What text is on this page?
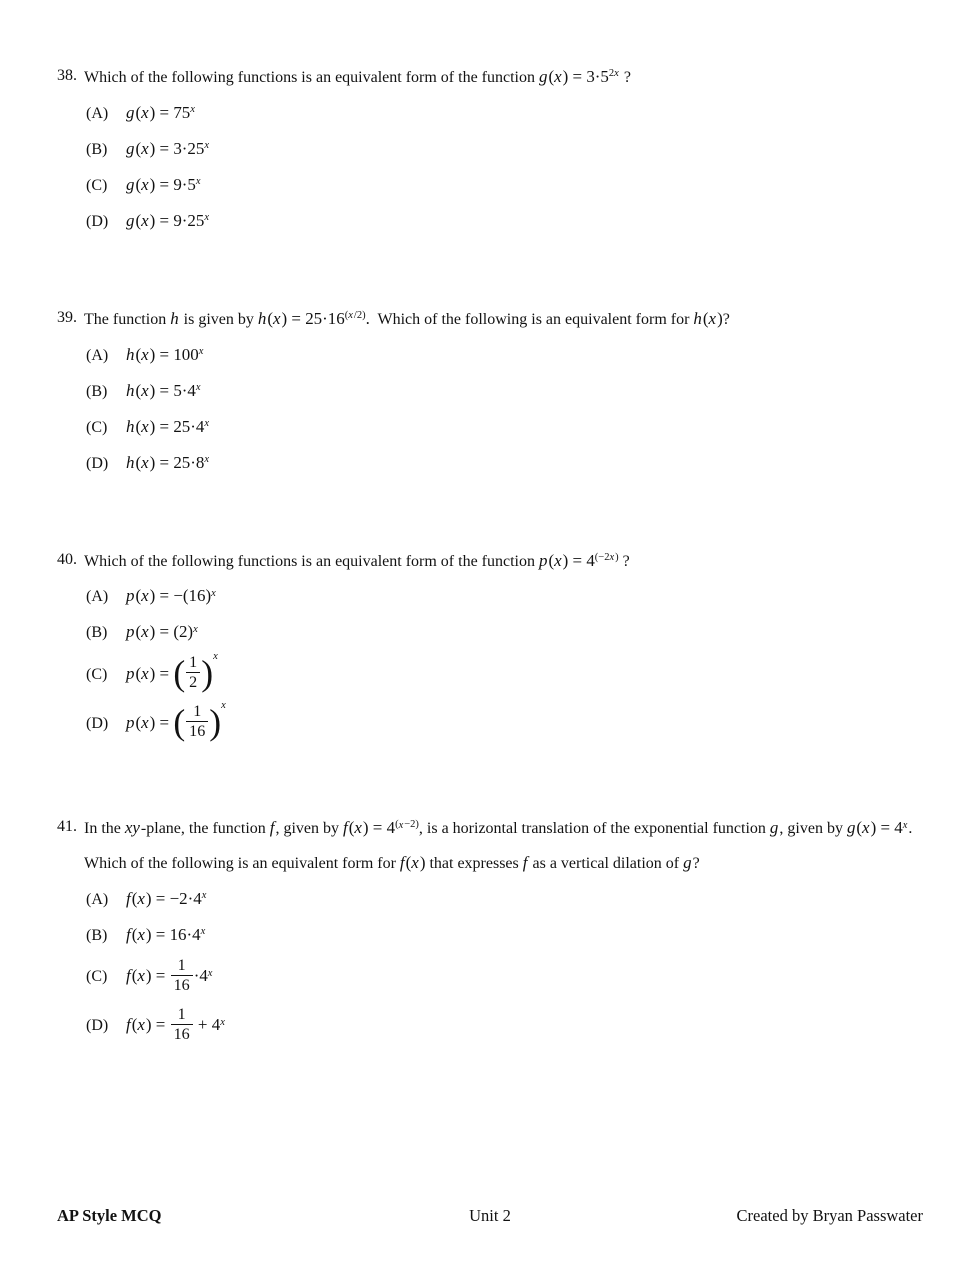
38. Which of the following functions is an equivalent form of the function $g(x) = 3\cdot 5^{2x}$ ?
(A) $g(x) = 75^x$
(B) $g(x) = 3\cdot 25^x$
(C) $g(x) = 9\cdot 5^x$
(D) $g(x) = 9\cdot 25^x$
39. The function h is given by $h(x) = 25\cdot 16^{(x/2)}$.  Which of the following is an equivalent form for h(x)?
(A) $h(x) = 100^x$
(B) $h(x) = 5\cdot 4^x$
(C) $h(x) = 25\cdot 4^x$
(D) $h(x) = 25\cdot 8^x$
40. Which of the following functions is an equivalent form of the function $p(x) = 4^{(-2x)}$ ?
(A) $p(x) = -(16)^x$
(B) $p(x) = (2)^x$
(C) p(x) = ( $\frac{1}{2} )^x$
(D) p(x) = ( $\frac{1}{16} )^x$
41. In the xy-plane, the function f, given by $f(x) = 4^{(x-2)}$, is a horizontal translation of the exponential function g, given by $g(x) = 4^x$. Which of the following is an equivalent form for f(x) that expresses f as a vertical dilation of g?
(A) $f(x) = -2\cdot 4^x$
(B) $f(x) = 16\cdot 4^x$
(C) $f(x) = \frac{1}{16} \cdot 4^x$
(D) $f(x) = \frac{1}{16} + 4^x$
AP Style MCQ	Unit 2	Created by Bryan Passwater
